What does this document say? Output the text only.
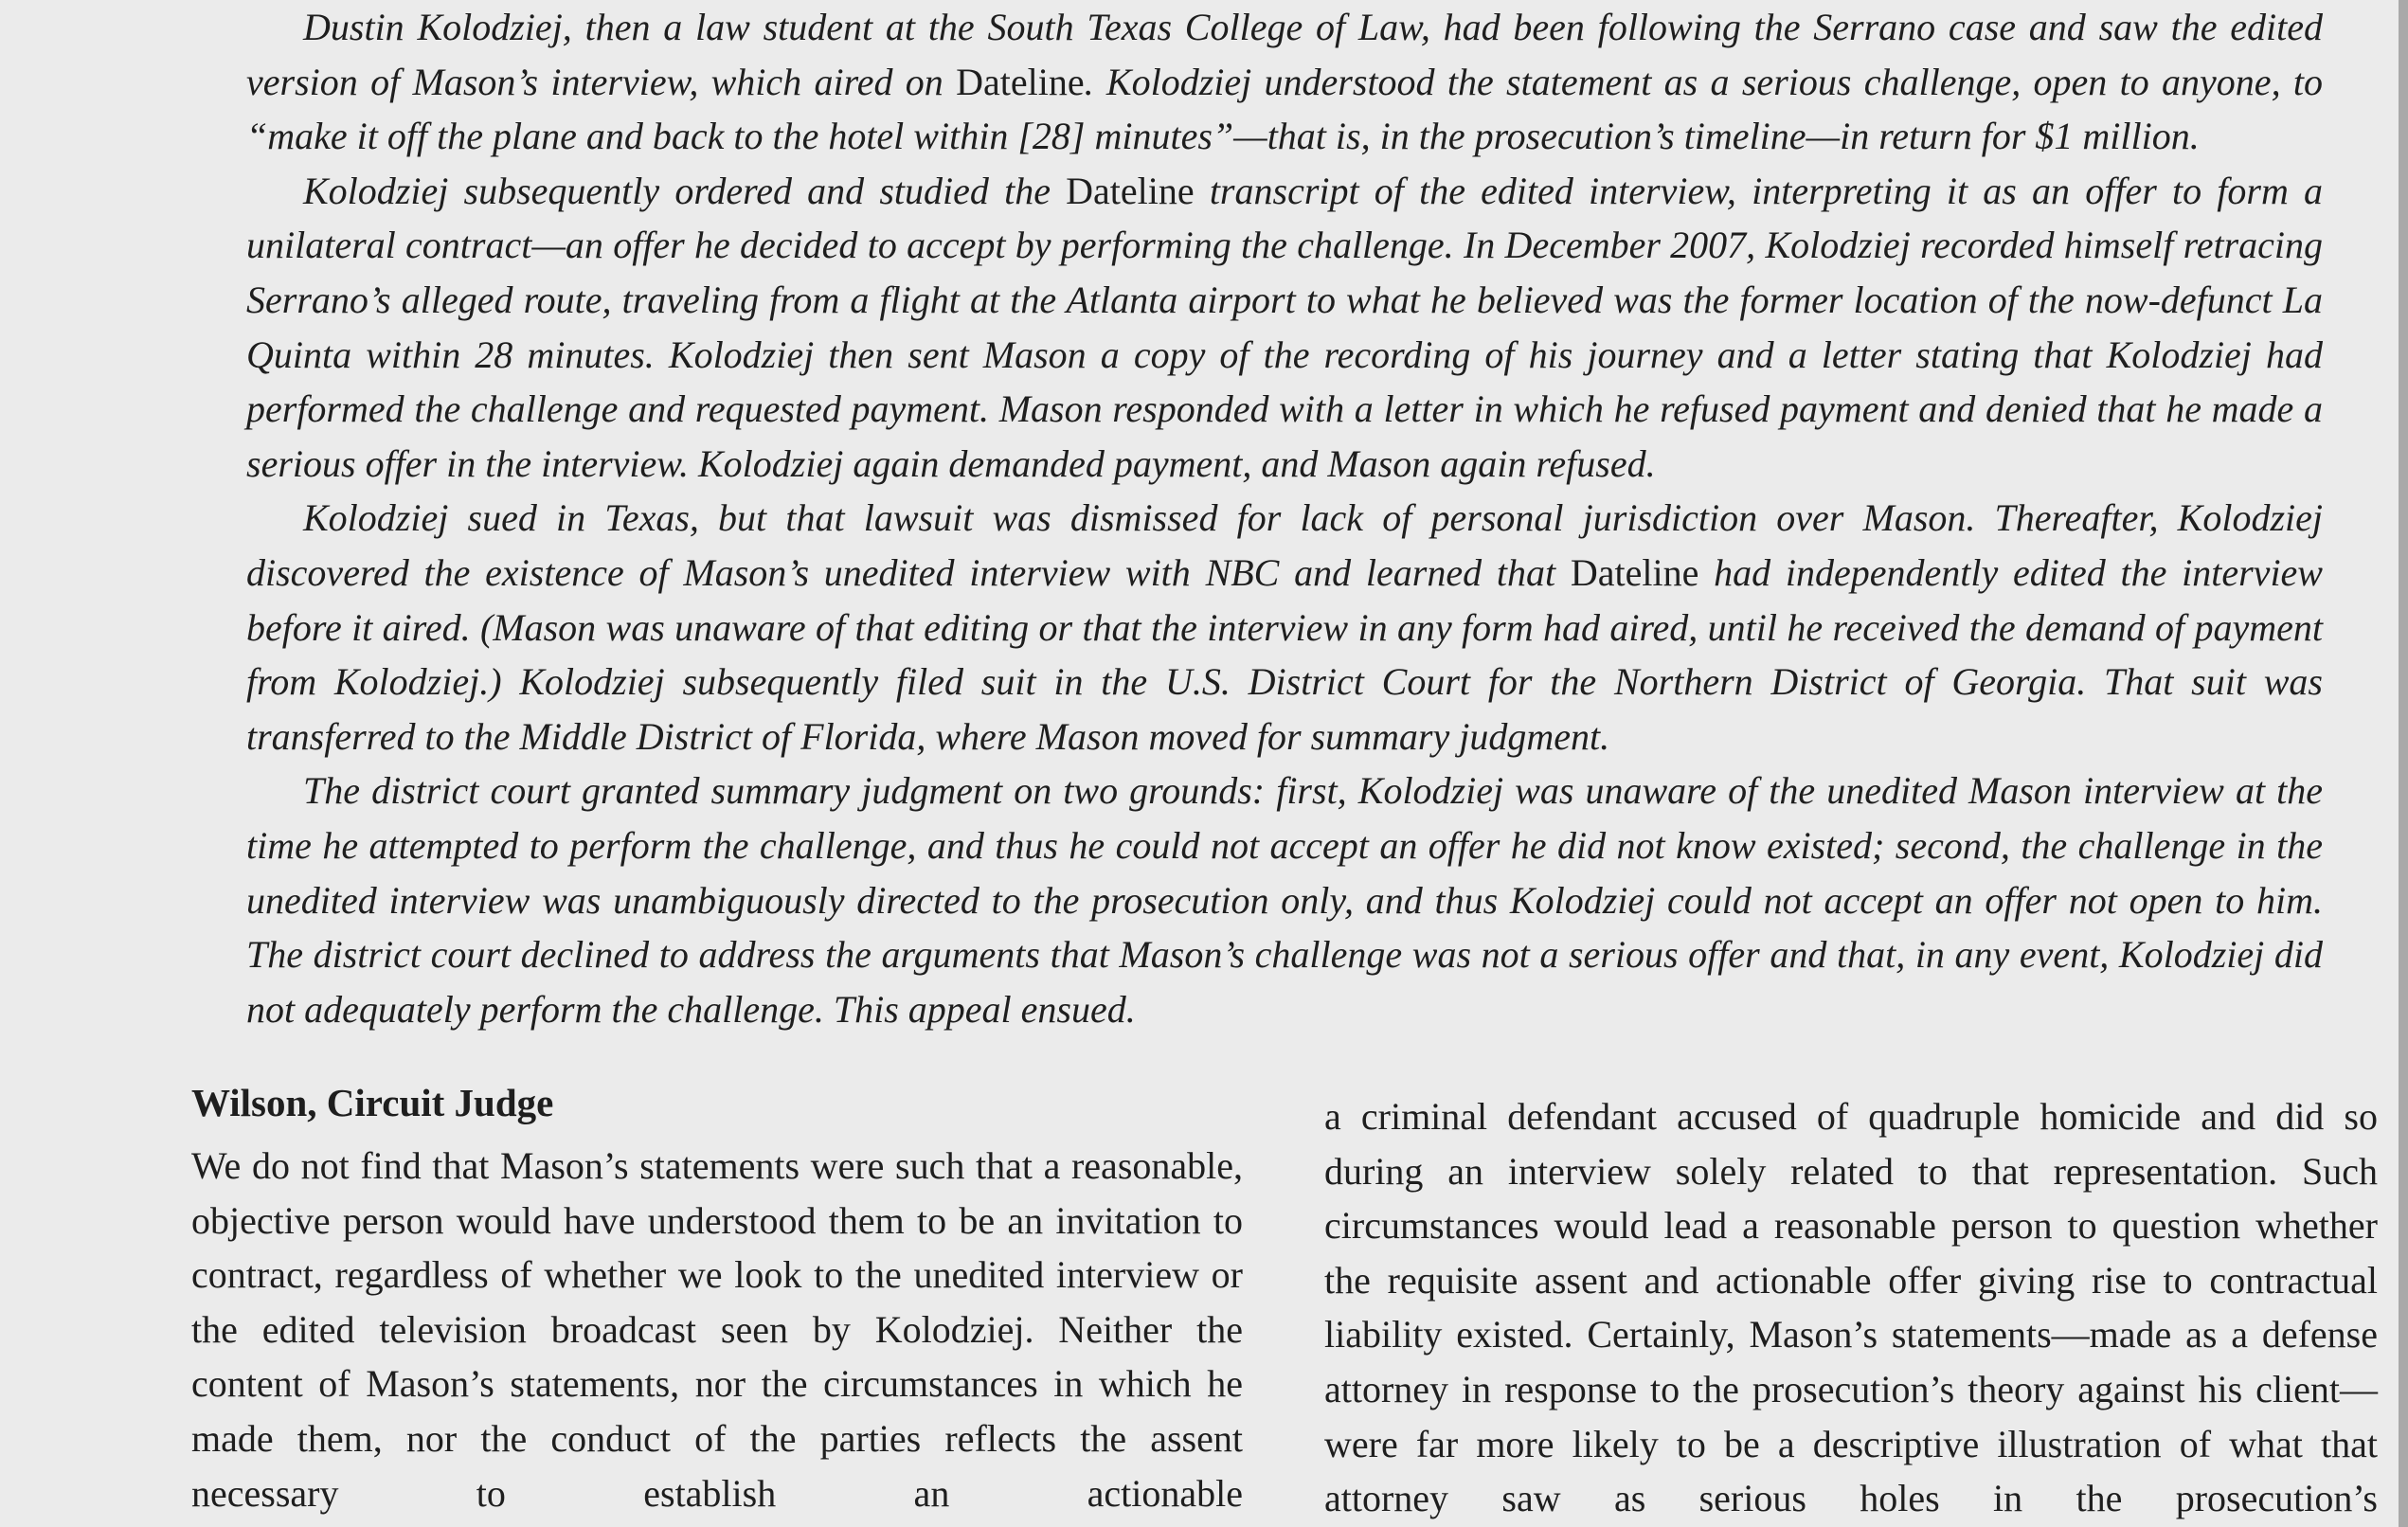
Dustin Kolodziej, then a law student at the South Texas College of Law, had been following the Serrano case and saw the edited version of Mason’s interview, which aired on Dateline. Kolodziej understood the statement as a serious challenge, open to anyone, to “make it off the plane and back to the hotel within [28] minutes”—that is, in the prosecution’s timeline—in return for $1 million.

Kolodziej subsequently ordered and studied the Dateline transcript of the edited interview, interpreting it as an offer to form a unilateral contract—an offer he decided to accept by performing the challenge. In December 2007, Kolodziej recorded himself retracing Serrano’s alleged route, traveling from a flight at the Atlanta airport to what he believed was the former location of the now-defunct La Quinta within 28 minutes. Kolodziej then sent Mason a copy of the recording of his journey and a letter stating that Kolodziej had performed the challenge and requested payment. Mason responded with a letter in which he refused payment and denied that he made a serious offer in the interview. Kolodziej again demanded payment, and Mason again refused.

Kolodziej sued in Texas, but that lawsuit was dismissed for lack of personal jurisdiction over Mason. Thereafter, Kolodziej discovered the existence of Mason’s unedited interview with NBC and learned that Dateline had independently edited the interview before it aired. (Mason was unaware of that editing or that the interview in any form had aired, until he received the demand of payment from Kolodziej.) Kolodziej subsequently filed suit in the U.S. District Court for the Northern District of Georgia. That suit was transferred to the Middle District of Florida, where Mason moved for summary judgment.

The district court granted summary judgment on two grounds: first, Kolodziej was unaware of the unedited Mason interview at the time he attempted to perform the challenge, and thus he could not accept an offer he did not know existed; second, the challenge in the unedited interview was unambiguously directed to the prosecution only, and thus Kolodziej could not accept an offer not open to him. The district court declined to address the arguments that Mason’s challenge was not a serious offer and that, in any event, Kolodziej did not adequately perform the challenge. This appeal ensued.

Wilson, Circuit Judge

We do not find that Mason’s statements were such that a reasonable, objective person would have understood them to be an invitation to contract, regardless of whether we look to the unedited interview or the edited television broadcast seen by Kolodziej. Neither the content of Mason’s statements, nor the circumstances in which he made them, nor the conduct of the parties reflects the assent necessary to establish an actionable

a criminal defendant accused of quadruple homicide and did so during an interview solely related to that representation. Such circumstances would lead a reasonable person to question whether the requisite assent and actionable offer giving rise to contractual liability existed. Certainly, Mason’s statements—made as a defense attorney in response to the prosecution’s theory against his client—were far more likely to be a descriptive illustration of what that attorney saw as serious holes in the prosecution’s
